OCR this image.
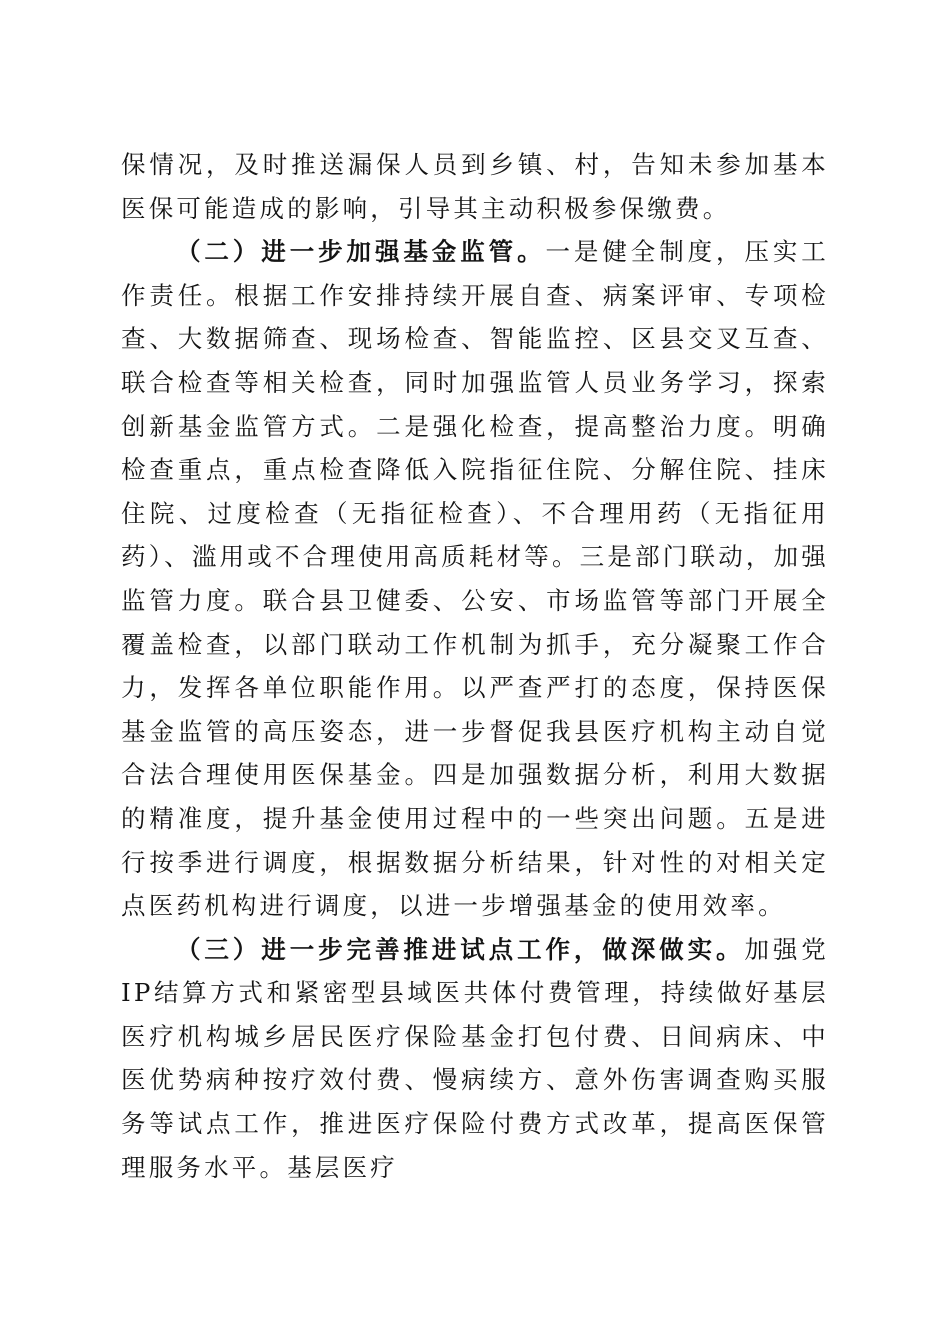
保情况，及时推送漏保人员到乡镇、村，告知未参加基本医保可能造成的影响，引导其主动积极参保缴费。

（二）进一步加强基金监管。一是健全制度，压实工作责任。根据工作安排持续开展自查、病案评审、专项检查、大数据筛查、现场检查、智能监控、区县交叉互查、联合检查等相关检查，同时加强监管人员业务学习，探索创新基金监管方式。二是强化检查，提高整治力度。明确检查重点，重点检查降低入院指征住院、分解住院、挂床住院、过度检查（无指征检查）、不合理用药（无指征用药）、滥用或不合理使用高质耗材等。三是部门联动，加强监管力度。联合县卫健委、公安、市场监管等部门开展全覆盖检查，以部门联动工作机制为抓手，充分凝聚工作合力，发挥各单位职能作用。以严查严打的态度，保持医保基金监管的高压姿态，进一步督促我县医疗机构主动自觉合法合理使用医保基金。四是加强数据分析，利用大数据的精准度，提升基金使用过程中的一些突出问题。五是进行按季进行调度，根据数据分析结果，针对性的对相关定点医药机构进行调度，以进一步增强基金的使用效率。

（三）进一步完善推进试点工作，做深做实。加强党IP结算方式和紧密型县域医共体付费管理，持续做好基层医疗机构城乡居民医疗保险基金打包付费、日间病床、中医优势病种按疗效付费、慢病续方、意外伤害调查购买服务等试点工作，推进医疗保险付费方式改革，提高医保管理服务水平。基层医疗
